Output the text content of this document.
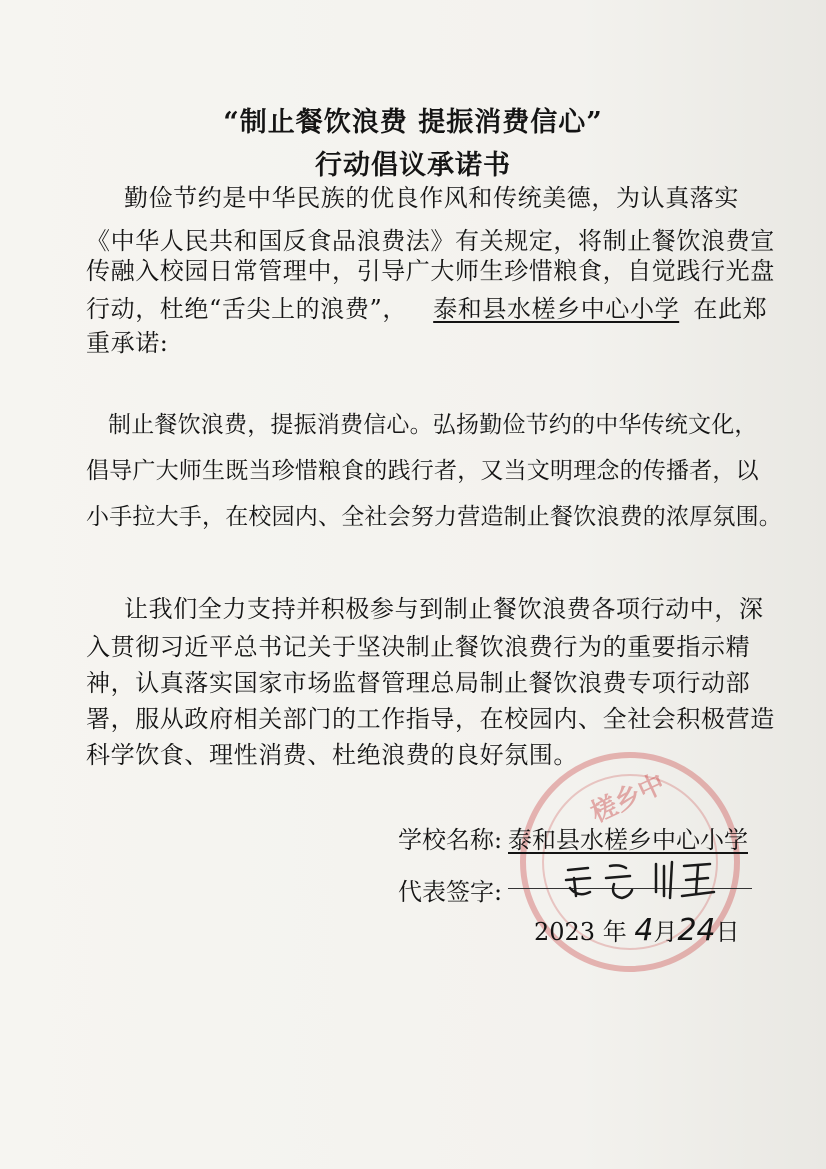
“制止餐饮浪费 提振消费信心”
行动倡议承诺书
勤俭节约是中华民族的优良作风和传统美德，为认真落实
《中华人民共和国反食品浪费法》有关规定，将制止餐饮浪费宣
传融入校园日常管理中，引导广大师生珍惜粮食，自觉践行光盘
行动，杜绝“舌尖上的浪费”， 泰和县水槎乡中心小学 在此郑
重承诺:
制止餐饮浪费，提振消费信心。弘扬勤俭节约的中华传统文化，
倡导广大师生既当珍惜粮食的践行者，又当文明理念的传播者，以
小手拉大手，在校园内、全社会努力营造制止餐饮浪费的浓厚氛围。
让我们全力支持并积极参与到制止餐饮浪费各项行动中，深
入贯彻习近平总书记关于坚决制止餐饮浪费行为的重要指示精
神，认真落实国家市场监督管理总局制止餐饮浪费专项行动部
署，服从政府相关部门的工作指导，在校园内、全社会积极营造
科学饮食、理性消费、杜绝浪费的良好氛围。
槎乡中
学校名称: 泰和县水槎乡中心小学
代表签字:
2023 年 4月24日
